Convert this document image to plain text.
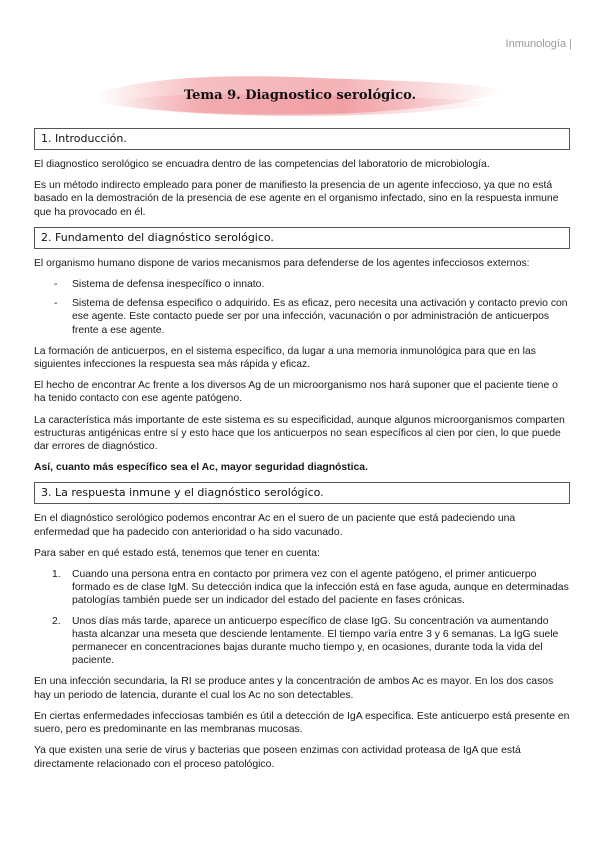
Inmunología |
Tema 9. Diagnostico serológico.
1. Introducción.

El diagnostico serológico se encuadra dentro de las competencias del laboratorio de microbiología.

Es un método indirecto empleado para poner de manifiesto la presencia de un agente infeccioso, ya que no está basado en la demostración de la presencia de ese agente en el organismo infectado, sino en la respuesta inmune que ha provocado en él.

2. Fundamento del diagnóstico serológico.

El organismo humano dispone de varios mecanismos para defenderse de los agentes infecciosos externos:

- Sistema de defensa inespecífico o innato.
- Sistema de defensa especifico o adquirido. Es as eficaz, pero necesita una activación y contacto previo con ese agente. Este contacto puede ser por una infección, vacunación o por administración de anticuerpos frente a ese agente.

La formación de anticuerpos, en el sistema específico, da lugar a una memoria inmunológica para que en las siguientes infecciones la respuesta sea más rápida y eficaz.

El hecho de encontrar Ac frente a los diversos Ag de un microorganismo nos hará suponer que el paciente tiene o ha tenido contacto con ese agente patógeno.

La característica más importante de este sistema es su especificidad, aunque algunos microorganismos comparten estructuras antigénicas entre sí y esto hace que los anticuerpos no sean específicos al cien por cien, lo que puede dar errores de diagnóstico.

Así, cuanto más específico sea el Ac, mayor seguridad diagnóstica.

3. La respuesta inmune y el diagnóstico serológico.

En el diagnóstico serológico podemos encontrar Ac en el suero de un paciente que está padeciendo una enfermedad que ha padecido con anterioridad o ha sido vacunado.

Para saber en qué estado está, tenemos que tener en cuenta:

1. Cuando una persona entra en contacto por primera vez con el agente patógeno, el primer anticuerpo formado es de clase IgM. Su detección indica que la infección está en fase aguda, aunque en determinadas patologías también puede ser un indicador del estado del paciente en fases crónicas.
2. Unos días más tarde, aparece un anticuerpo específico de clase IgG. Su concentración va aumentando hasta alcanzar una meseta que desciende lentamente. El tiempo varía entre 3 y 6 semanas. La IgG suele permanecer en concentraciones bajas durante mucho tiempo y, en ocasiones, durante toda la vida del paciente.

En una infección secundaria, la RI se produce antes y la concentración de ambos Ac es mayor. En los dos casos hay un periodo de latencia, durante el cual los Ac no son detectables.

En ciertas enfermedades infecciosas también es útil a detección de IgA especifica. Este anticuerpo está presente en suero, pero es predominante en las membranas mucosas.

Ya que existen una serie de virus y bacterias que poseen enzimas con actividad proteasa de IgA que está directamente relacionado con el proceso patológico.
